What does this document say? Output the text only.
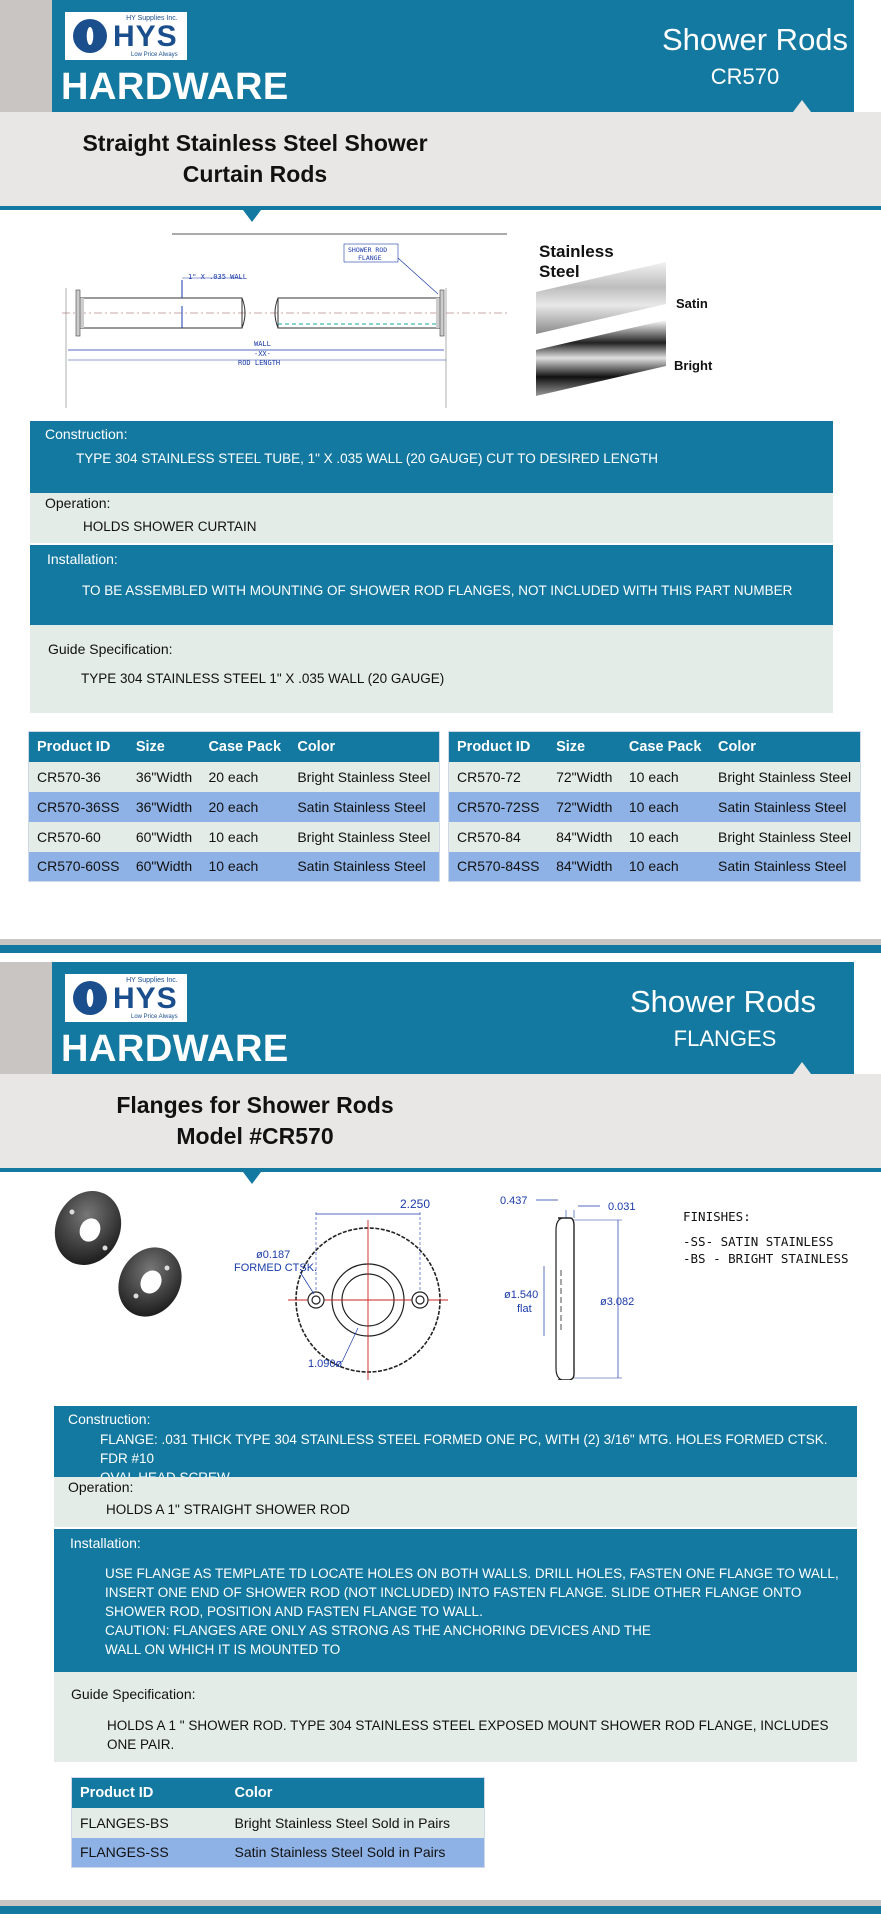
HY Supplies Inc.
HYS
Low Price Always
HARDWARE
Shower Rods
CR570
Straight Stainless Steel Shower
Curtain Rods
1" X .035 WALL
SHOWER ROD
FLANGE
WALL
-XX-
ROD LENGTH
Stainless
Steel
Satin
Bright
Construction:
TYPE 304 STAINLESS STEEL TUBE, 1" X .035 WALL (20 GAUGE) CUT TO DESIRED LENGTH
Operation:
HOLDS SHOWER CURTAIN
Installation:
TO BE ASSEMBLED WITH MOUNTING OF SHOWER ROD FLANGES, NOT INCLUDED WITH THIS PART NUMBER
Guide Specification:
TYPE 304 STAINLESS STEEL 1" X .035 WALL (20 GAUGE)
Product ID	Size	Case Pack	Color
CR570-36	36"Width	20 each	Bright Stainless Steel
CR570-36SS	36"Width	20 each	Satin Stainless Steel
CR570-60	60"Width	10 each	Bright Stainless Steel
CR570-60SS	60"Width	10 each	Satin Stainless Steel
Product ID	Size	Case Pack	Color
CR570-72	72"Width	10 each	Bright Stainless Steel
CR570-72SS	72"Width	10 each	Satin Stainless Steel
CR570-84	84"Width	10 each	Bright Stainless Steel
CR570-84SS	84"Width	10 each	Satin Stainless Steel
HY Supplies Inc.
HYS
Low Price Always
HARDWARE
Shower Rods
FLANGES
Flanges for Shower Rods
Model #CR570
2.250	0.437	0.031
ø1.540
flat
ø3.082
ø0.187
FORMED CTSK.
1.090ø
FINISHES:
-SS- SATIN STAINLESS
-BS - BRIGHT STAINLESS
Construction:
FLANGE: .031 THICK TYPE 304 STAINLESS STEEL FORMED ONE PC, WITH (2) 3/16" MTG. HOLES FORMED CTSK. FDR #10
Operation:
HOLDS A 1" STRAIGHT SHOWER ROD
Installation:
USE FLANGE AS TEMPLATE TD LOCATE HOLES ON BOTH WALLS. DRILL HOLES, FASTEN ONE FLANGE TO WALL,
INSERT ONE END OF SHOWER ROD (NOT INCLUDED) INTO FASTEN FLANGE. SLIDE OTHER FLANGE ONTO
SHOWER ROD, POSITION AND FASTEN FLANGE TO WALL.
CAUTION: FLANGES ARE ONLY AS STRONG AS THE ANCHORING DEVICES AND THE
WALL ON WHICH IT IS MOUNTED TO
Guide Specification:
HOLDS A 1 " SHOWER ROD. TYPE 304 STAINLESS STEEL EXPOSED MOUNT SHOWER ROD FLANGE, INCLUDES ONE PAIR.
Product ID	Color
FLANGES-BS	Bright Stainless Steel Sold in Pairs
FLANGES-SS	Satin Stainless Steel Sold in Pairs
